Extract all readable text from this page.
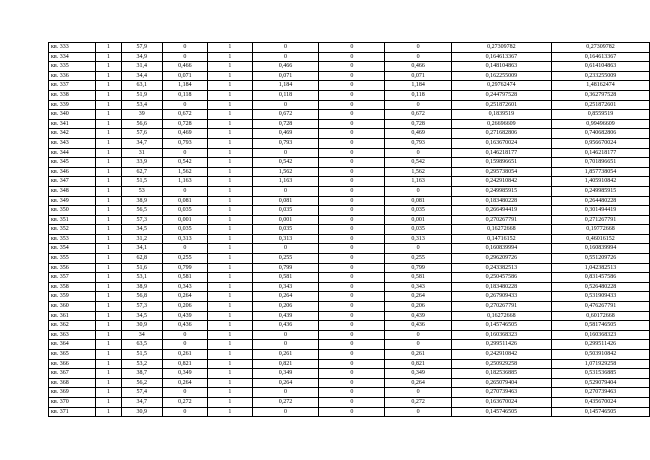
кв. 333	1	57,9	0	1	0	0	0	0,27309782	0,27309782
кв. 334	1	34,9	0	1	0	0	0	0,164613367	0,164613367
кв. 335	1	31,4	0,466	1	0,466	0	0,466	0,148104863	0,614104863
кв. 336	1	34,4	0,071	1	0,071	0	0,071	0,162255009	0,233255009
кв. 337	1	63,1	1,184	1	1,184	0	1,184	0,29762474	1,48162474
кв. 338	1	51,9	0,118	1	0,118	0	0,118	0,244797528	0,362797528
кв. 339	1	53,4	0	1	0	0	0	0,251872601	0,251872601
кв. 340	1	39	0,672	1	0,672	0	0,672	0,1839519	0,8559519
кв. 341	1	56,6	0,728	1	0,728	0	0,728	0,26696609	0,99496609
кв. 342	1	57,6	0,469	1	0,469	0	0,469	0,271682806	0,740682806
кв. 343	1	34,7	0,793	1	0,793	0	0,793	0,163670024	0,956670024
кв. 344	1	31	0	1	0	0	0	0,146218177	0,146218177
кв. 345	1	33,9	0,542	1	0,542	0	0,542	0,159896651	0,701896651
кв. 346	1	62,7	1,562	1	1,562	0	1,562	0,295738054	1,857738054
кв. 347	1	51,5	1,163	1	1,163	0	1,163	0,242910842	1,405910842
кв. 348	1	53	0	1	0	0	0	0,249985915	0,249985915
кв. 349	1	38,9	0,081	1	0,081	0	0,081	0,183480228	0,264480228
кв. 350	1	56,5	0,035	1	0,035	0	0,035	0,266494419	0,301494419
кв. 351	1	57,3	0,001	1	0,001	0	0,001	0,270267791	0,271267791
кв. 352	1	34,5	0,035	1	0,035	0	0,035	0,16272668	0,19772668
кв. 353	1	31,2	0,313	1	0,313	0	0,313	0,14716152	0,46016152
кв. 354	1	34,1	0	1	0	0	0	0,160839994	0,160839994
кв. 355	1	62,8	0,255	1	0,255	0	0,255	0,296209726	0,551209726
кв. 356	1	51,6	0,799	1	0,799	0	0,799	0,243382513	1,042382513
кв. 357	1	53,1	0,581	1	0,581	0	0,581	0,250457586	0,831457586
кв. 358	1	38,9	0,343	1	0,343	0	0,343	0,183480228	0,526480228
кв. 359	1	56,8	0,264	1	0,264	0	0,264	0,267909433	0,531909433
кв. 360	1	57,3	0,206	1	0,206	0	0,206	0,270267791	0,476267791
кв. 361	1	34,5	0,439	1	0,439	0	0,439	0,16272668	0,60172668
кв. 362	1	30,9	0,436	1	0,436	0	0,436	0,145746505	0,581746505
кв. 363	1	34	0	1	0	0	0	0,160368323	0,160368323
кв. 364	1	63,5	0	1	0	0	0	0,299511426	0,299511426
кв. 365	1	51,5	0,261	1	0,261	0	0,261	0,242910842	0,503910842
кв. 366	1	53,2	0,821	1	0,821	0	0,821	0,250929258	1,071929258
кв. 367	1	38,7	0,349	1	0,349	0	0,349	0,182536885	0,531536885
кв. 368	1	56,2	0,264	1	0,264	0	0,264	0,265079404	0,529079404
кв. 369	1	57,4	0	1	0	0	0	0,270739463	0,270739463
кв. 370	1	34,7	0,272	1	0,272	0	0,272	0,163670024	0,435670024
кв. 371	1	30,9	0	1	0	0	0	0,145746505	0,145746505
